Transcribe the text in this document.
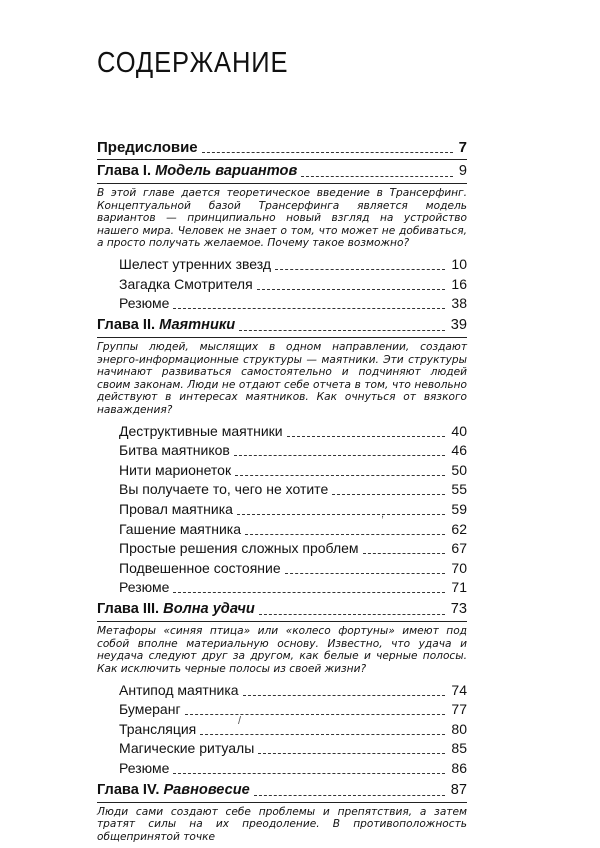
СОДЕРЖАНИЕ
Предисловие	7
Глава I. Модель вариантов	9
В этой главе дается теоретическое введение в Трансерфинг. Концептуальной базой Трансерфинга является модель вариантов — принципиально новый взгляд на устройство нашего мира. Человек не знает о том, что может не добиваться, а просто получать желаемое. Почему такое возможно?
Шелест утренних звезд	10
Загадка Смотрителя	16
Резюме	38
Глава II. Маятники	39
Группы людей, мыслящих в одном направлении, создают энерго-информационные структуры — маятники. Эти структуры начинают развиваться самостоятельно и подчиняют людей своим законам. Люди не отдают себе отчета в том, что невольно действуют в интересах маятников. Как очнуться от вязкого наваждения?
Деструктивные маятники	40
Битва маятников	46
Нити марионеток	50
Вы получаете то, чего не хотите	55
Провал маятника	59
Гашение маятника	62
Простые решения сложных проблем	67
Подвешенное состояние	70
Резюме	71
Глава III. Волна удачи	73
Метафоры «синяя птица» или «колесо фортуны» имеют под собой вполне материальную основу. Известно, что удача и неудача следуют друг за другом, как белые и черные полосы. Как исключить черные полосы из своей жизни?
Антипод маятника	74
Бумеранг	77
Трансляция	80
Магические ритуалы	85
Резюме	86
Глава IV. Равновесие	87
Люди сами создают себе проблемы и препятствия, а затем тратят силы на их преодоление. В противоположность общепринятой точке
,
/
